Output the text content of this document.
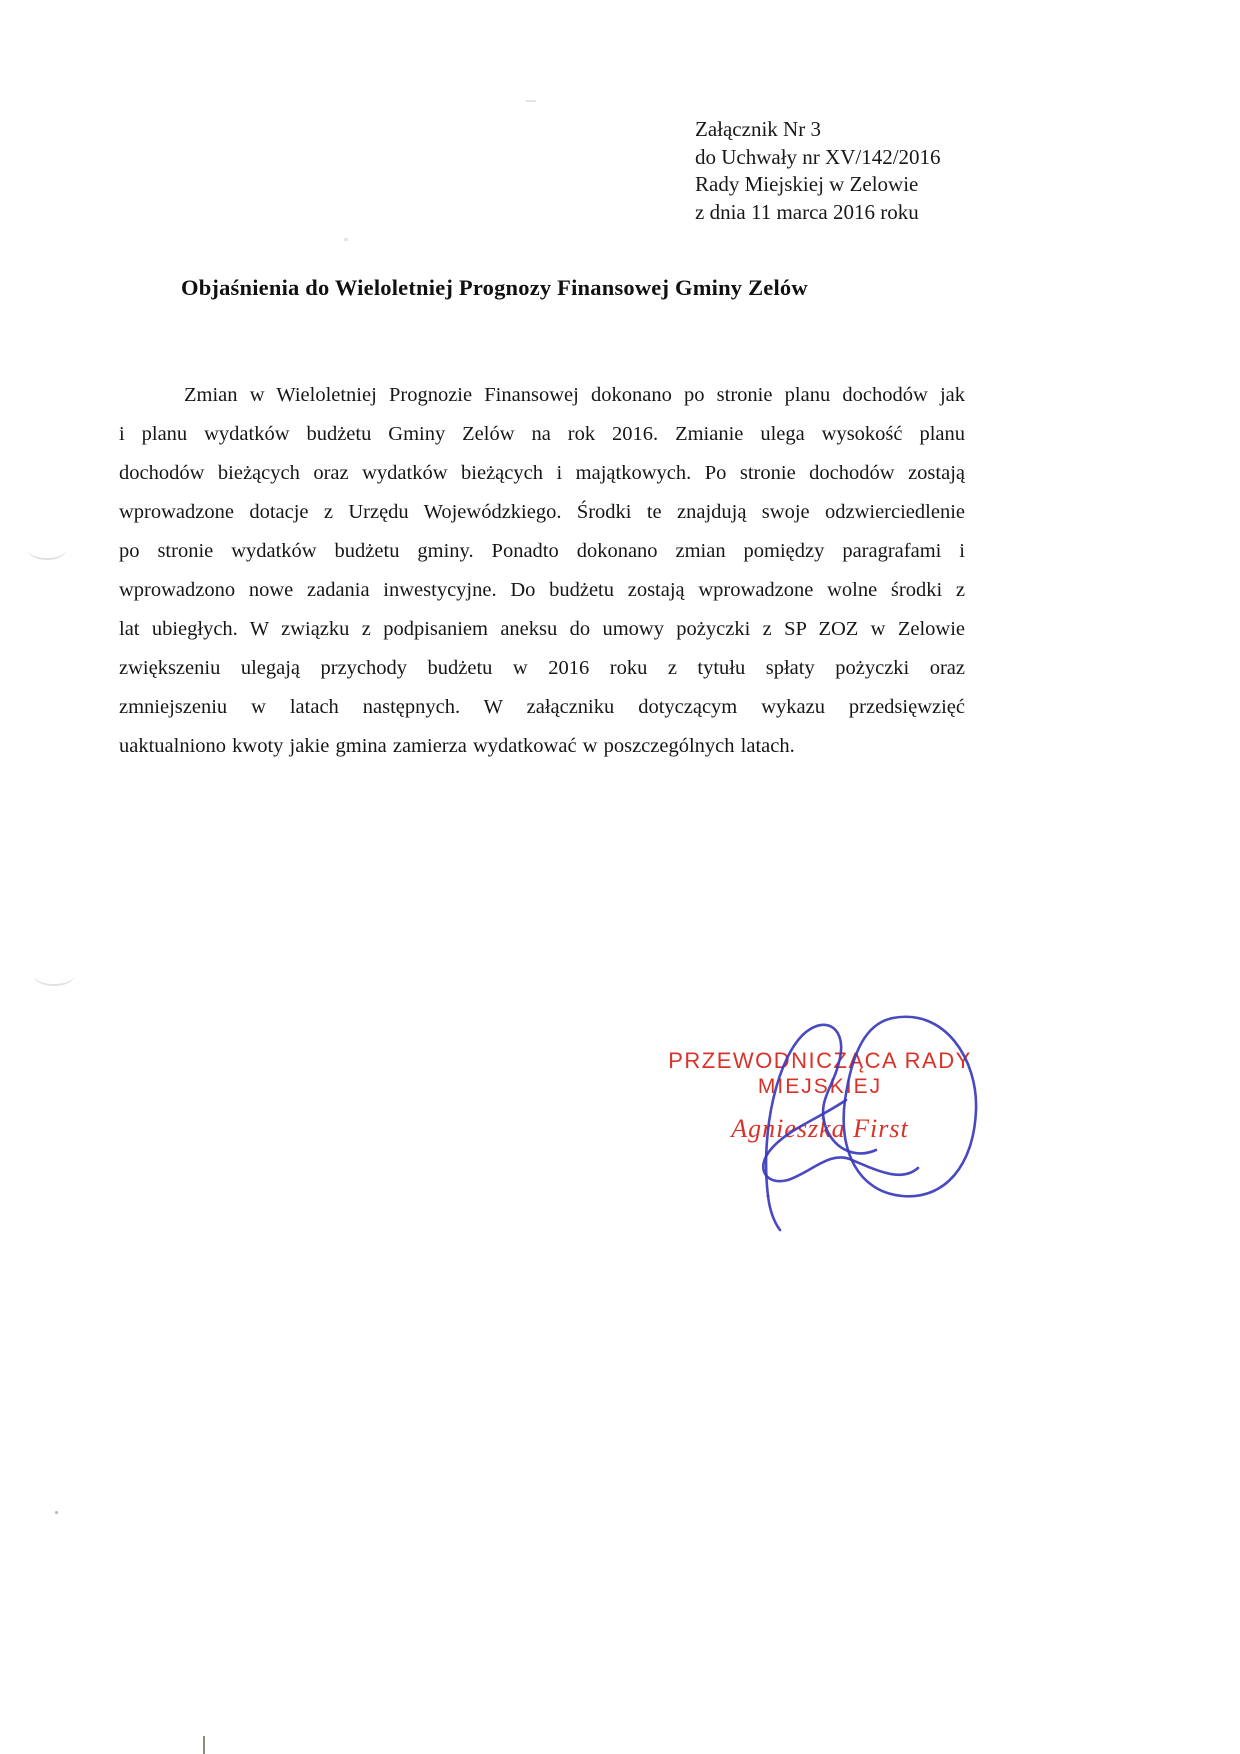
Załącznik Nr 3
do Uchwały nr XV/142/2016
Rady Miejskiej w Zelowie
z dnia 11 marca 2016 roku
Objaśnienia do Wieloletniej Prognozy Finansowej Gminy Zelów
Zmian w Wieloletniej Prognozie Finansowej dokonano po stronie planu dochodów jak
i planu wydatków budżetu Gminy Zelów na rok 2016. Zmianie ulega wysokość planu
dochodów bieżących oraz wydatków bieżących i majątkowych. Po stronie dochodów zostają
wprowadzone dotacje z Urzędu Wojewódzkiego. Środki te znajdują swoje odzwierciedlenie
po stronie wydatków budżetu gminy. Ponadto dokonano zmian pomiędzy paragrafami i
wprowadzono nowe zadania inwestycyjne. Do budżetu zostają wprowadzone wolne środki z
lat ubiegłych. W związku z podpisaniem aneksu do umowy pożyczki z SP ZOZ w Zelowie
zwiększeniu ulegają przychody budżetu w 2016 roku z tytułu spłaty pożyczki oraz
zmniejszeniu w latach następnych. W załączniku dotyczącym wykazu przedsięwzięć
uaktualniono kwoty jakie gmina zamierza wydatkować w poszczególnych latach.
PRZEWODNICZĄCA RADY
MIEJSKIEJ
Agnieszka First
